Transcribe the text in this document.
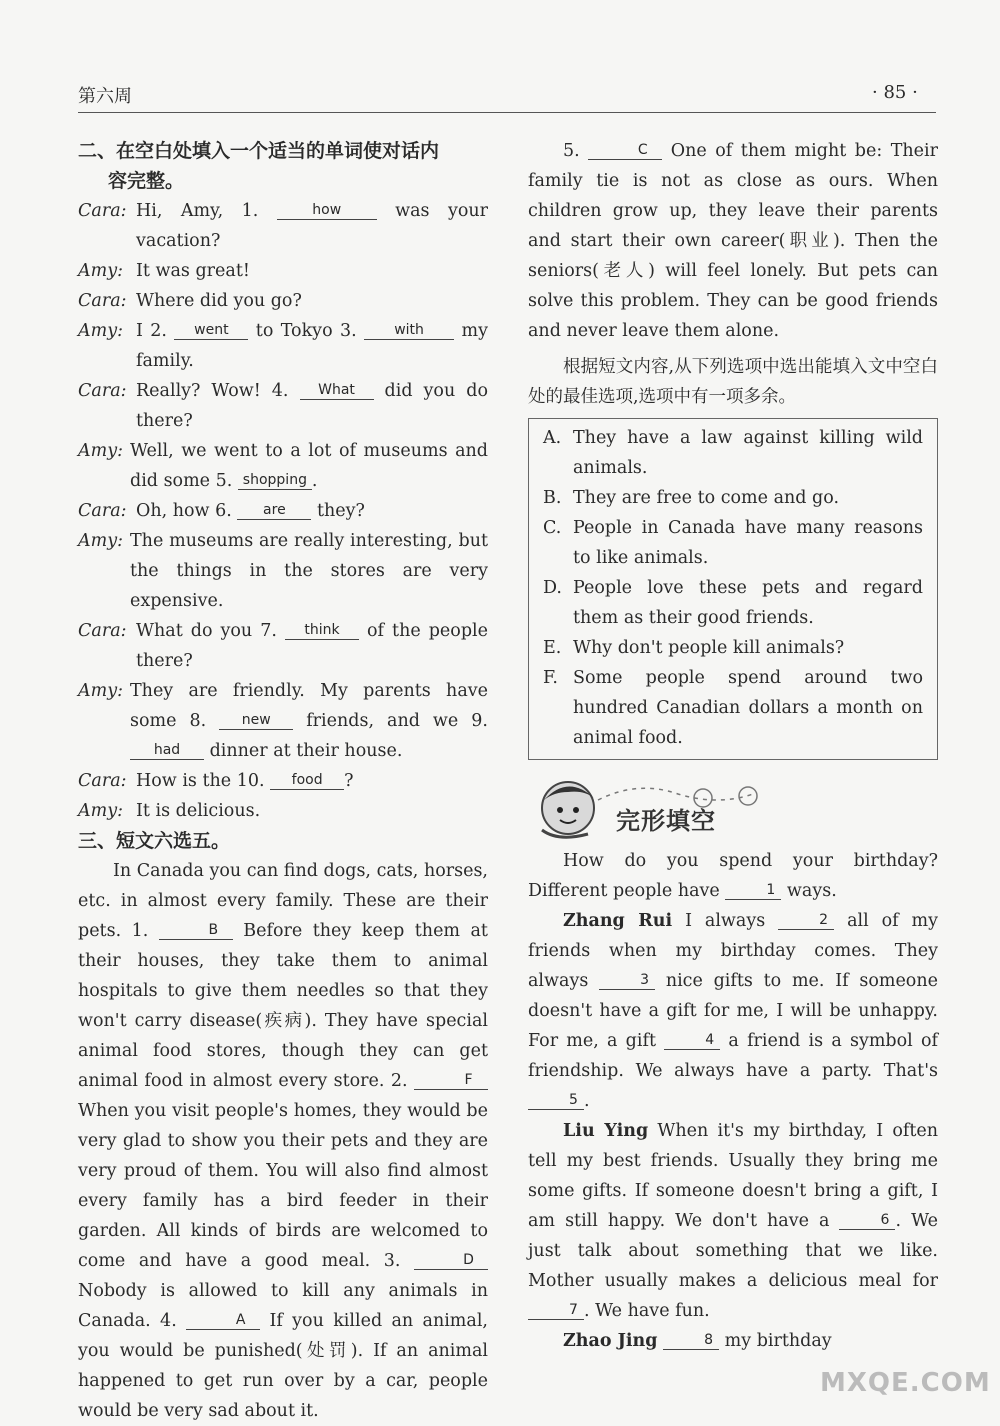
第六周	· 85 ·
二、在空白处填入一个适当的单词使对话内
容完整。
Cara: Hi, Amy, 1.	how	was your vacation?
Amy: It was great!
Cara: Where did you go?
Amy: I 2. went to Tokyo 3.	with my family.
Cara: Really? Wow! 4. What did you do there?
Amy: Well, we went to a lot of museums and did some 5. shopping .
Cara: Oh, how 6. are they?
Amy: The museums are really interesting, but the things in the stores are very expensive.
Cara: What do you 7. think of the people there?
Amy: They are friendly. My parents have some 8.	new friends, and we 9. had dinner at their house.
Cara: How is the 10. food ?
Amy: It is delicious.
三、短文六选五。
In Canada you can find dogs, cats, horses, etc. in almost every family. These are their pets. 1.	B Before they keep them at their houses, they take them to animal hospitals to give them needles so that they won't carry disease(疾病). They have special animal food stores, though they can get animal food in almost every store. 2.	F When you visit people's homes, they would be very glad to show you their pets and they are very proud of them. You will also find almost every family has a bird feeder in their garden. All kinds of birds are welcomed to come and have a good meal. 3.	D Nobody is allowed to kill any animals in Canada. 4.	A If you killed an animal, you would be punished(处罚). If an animal happened to get run over by a car, people would be very sad about it.
5.	C One of them might be: Their family tie is not as close as ours. When children grow up, they leave their parents and start their own career(职业). Then the seniors(老人) will feel lonely. But pets can solve this problem. They can be good friends and never leave them alone.
根据短文内容,从下列选项中选出能填入文中空白处的最佳选项,选项中有一项多余。
A. They have a law against killing wild animals.
B. They are free to come and go.
C. People in Canada have many reasons to like animals.
D. People love these pets and regard them as their good friends.
E. Why don't people kill animals?
F. Some people spend around two hundred Canadian dollars a month on animal food.
完形填空
How do you spend your birthday? Different people have	1 ways.
Zhang Rui I always	2 all of my friends when my birthday comes. They always	3 nice gifts to me. If someone doesn't have a gift for me, I will be unhappy. For me, a gift	4 a friend is a symbol of friendship. We always have a party. That's 5 .
Liu Ying When it's my birthday, I often tell my best friends. Usually they bring me some gifts. If someone doesn't bring a gift, I am still happy. We don't have a	6 . We just talk about something that we like. Mother usually makes a delicious meal for 7 . We have fun.
Zhao Jing	8 my birthday
MXQE.COM
